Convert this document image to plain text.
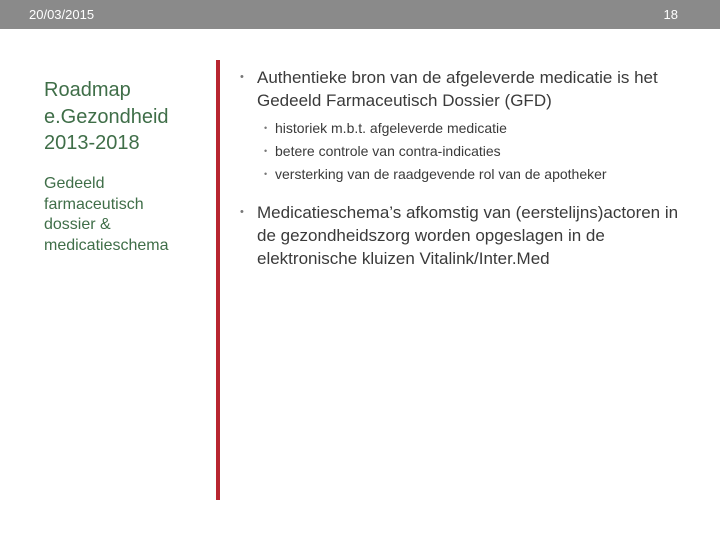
20/03/2015	18
Roadmap
e.Gezondheid
2013-2018
Gedeeld
farmaceutisch
dossier &
medicatieschema
• Authentieke bron van de afgeleverde medicatie is het Gedeeld Farmaceutisch Dossier (GFD)
• historiek m.b.t. afgeleverde medicatie
• betere controle van contra-indicaties
• versterking van de raadgevende rol van de apotheker
• Medicatieschema’s afkomstig van (eerstelijns)actoren in de gezondheidszorg worden opgeslagen in de elektronische kluizen Vitalink/Inter.Med
